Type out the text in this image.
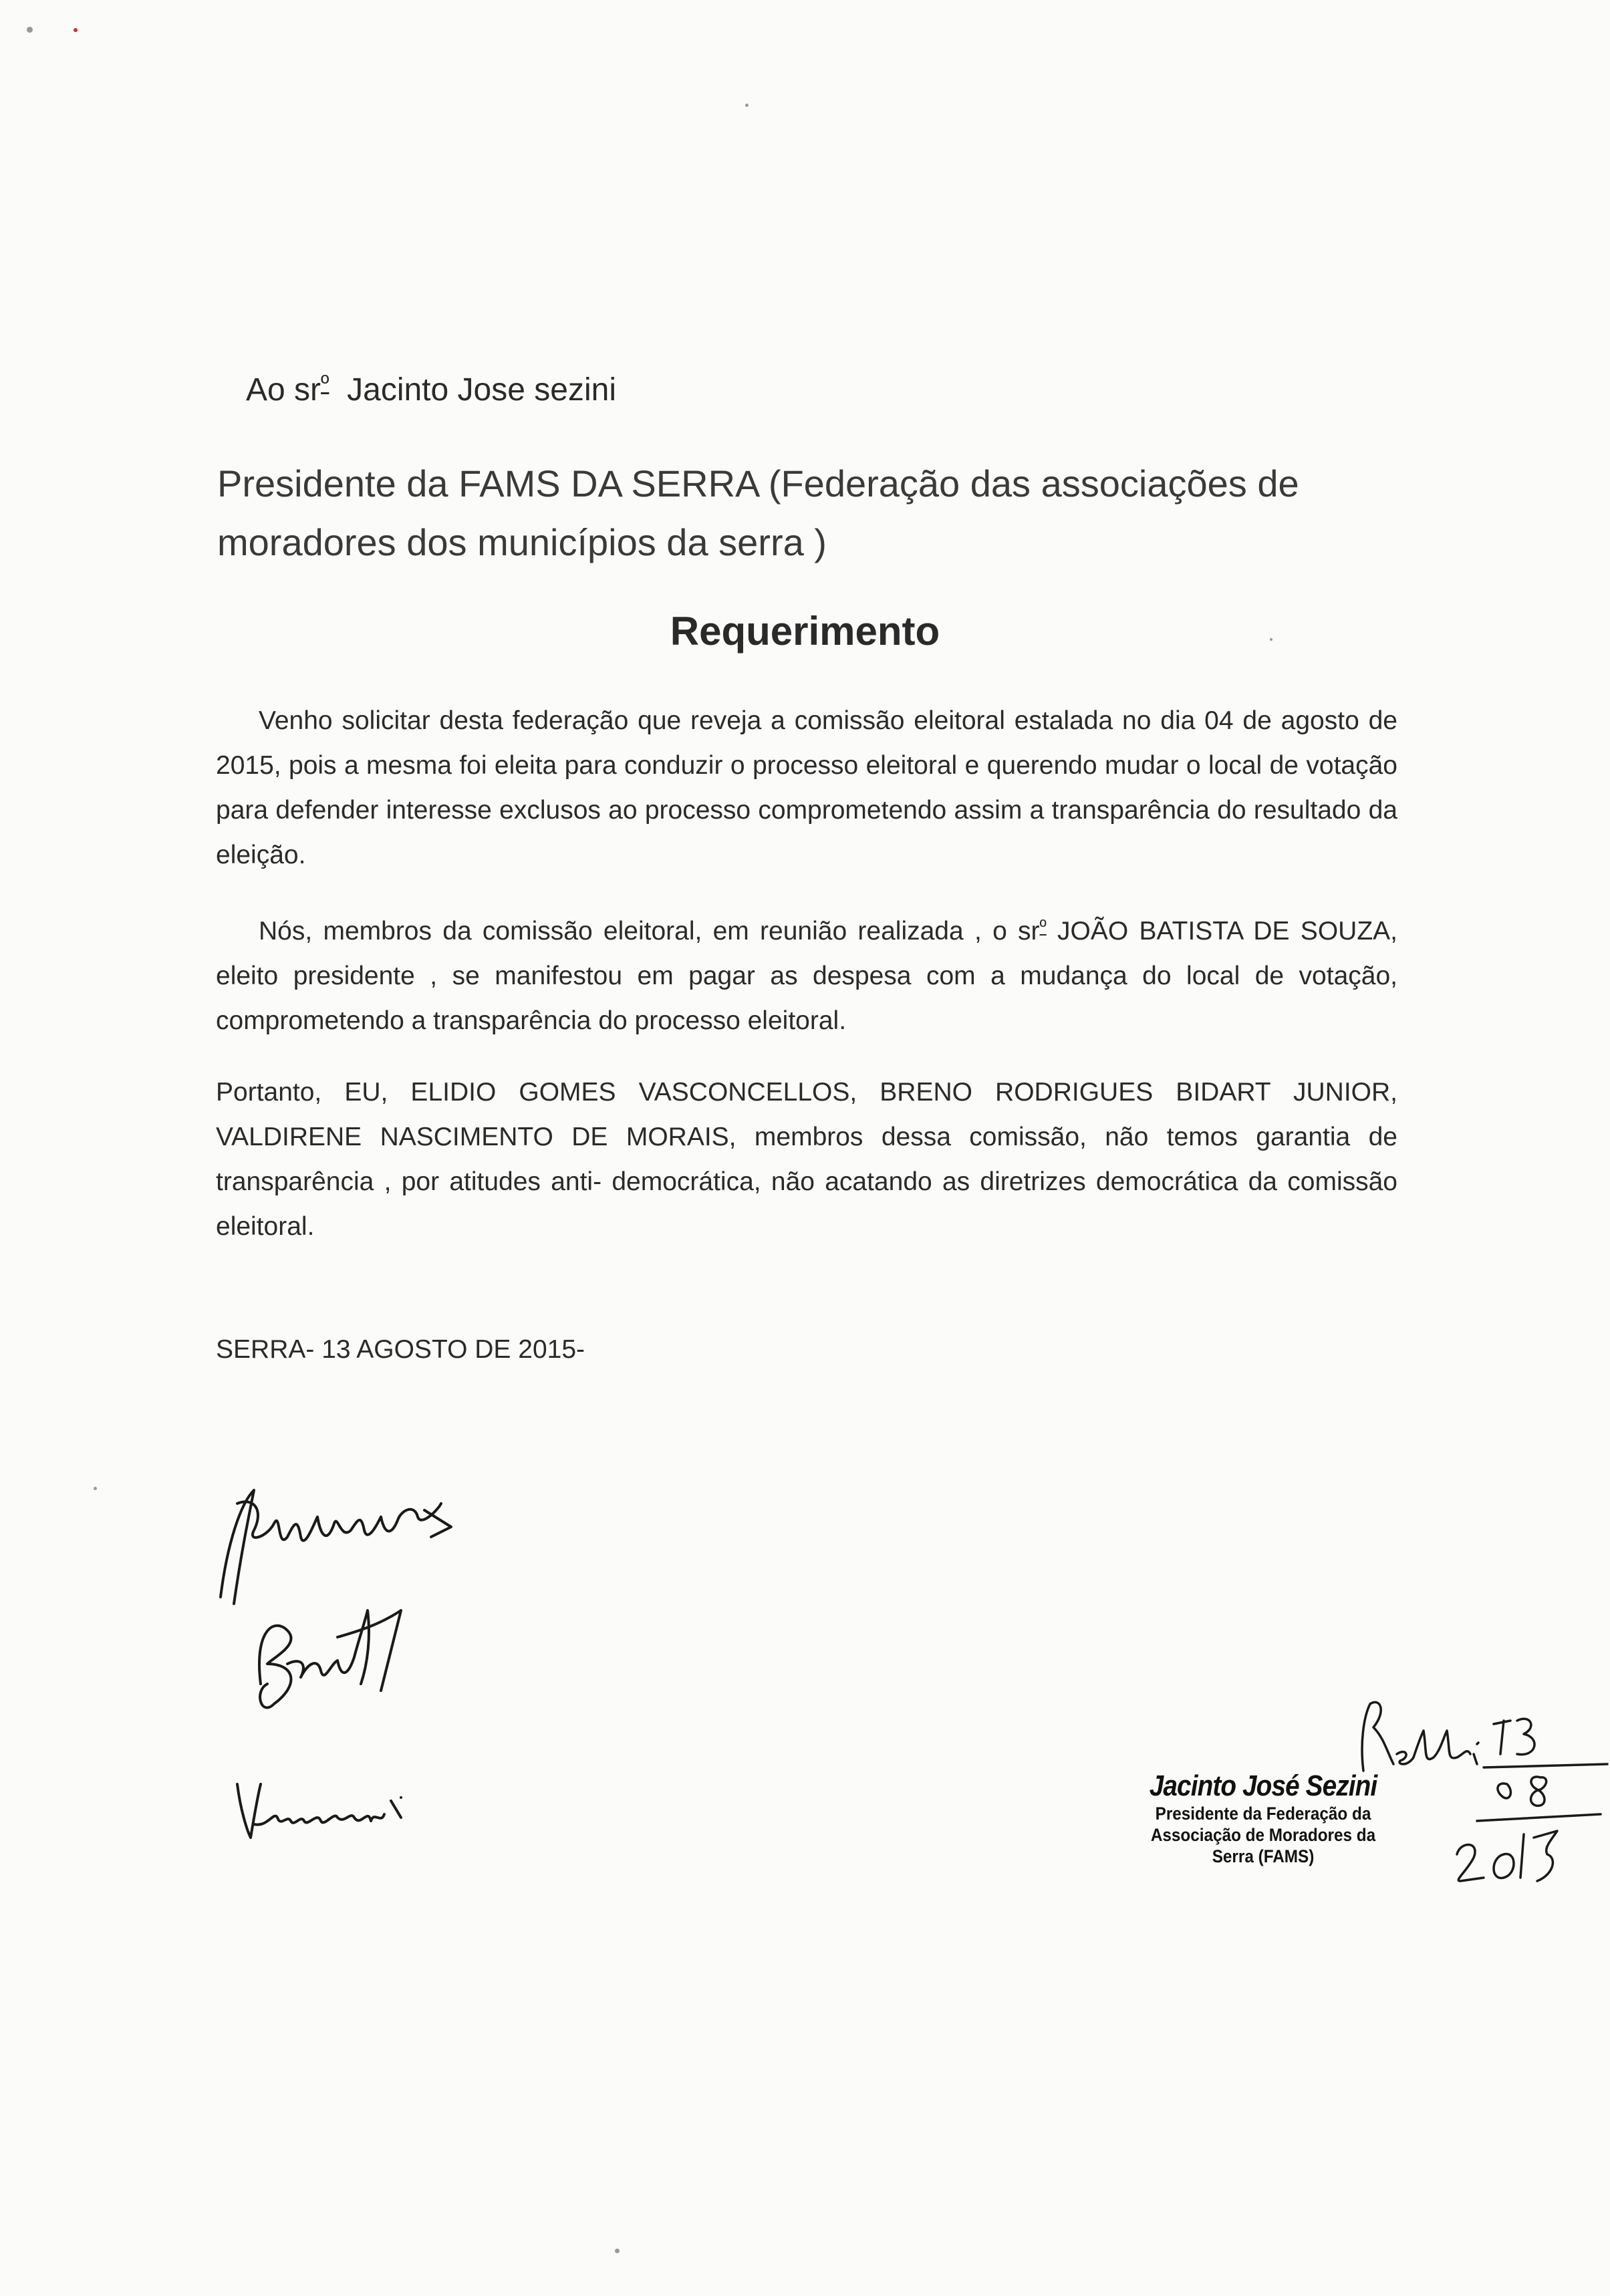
Ao $sr^º$ Jacinto Jose sezini
Presidente da FAMS DA SERRA (Federação das associações de moradores dos municípios da serra )
Requerimento

Venho solicitar desta federação que reveja a comissão eleitoral estalada no dia 04 de agosto de 2015, pois a mesma foi eleita para conduzir o processo eleitoral e querendo mudar o local de votação para defender interesse exclusos ao processo comprometendo assim a transparência do resultado da eleição.

Nós, membros da comissão eleitoral, em reunião realizada , o $sr^º$ JOÃO BATISTA DE SOUZA, eleito presidente , se manifestou em pagar as despesa com a mudança do local de votação, comprometendo a transparência do processo eleitoral.

Portanto, EU, ELIDIO GOMES VASCONCELLOS, BRENO RODRIGUES BIDART JUNIOR, VALDIRENE NASCIMENTO DE MORAIS, membros dessa comissão, não temos garantia de transparência , por atitudes anti- democrática, não acatando as diretrizes democrática da comissão eleitoral.

SERRA- 13 AGOSTO DE 2015-
Jacinto José Sezini
Presidente da Federação da
Associação de Moradores da
Serra (FAMS)
